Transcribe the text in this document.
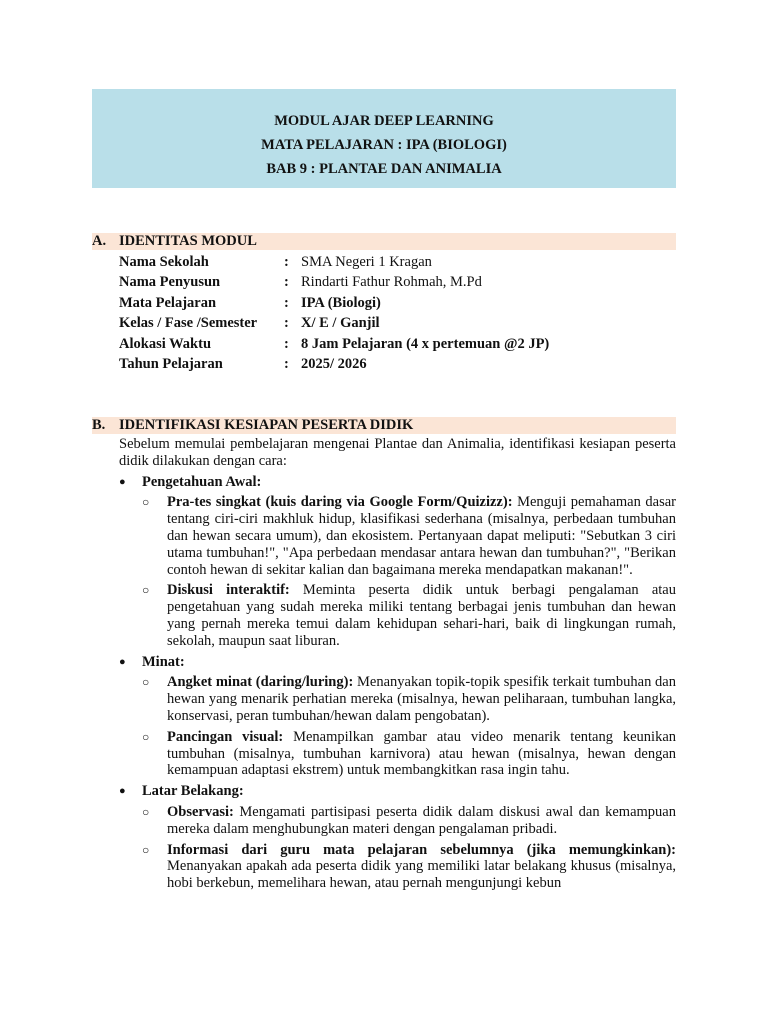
MODUL AJAR DEEP LEARNING
MATA PELAJARAN : IPA (BIOLOGI)
BAB 9 : PLANTAE DAN ANIMALIA
A. IDENTITAS MODUL
Nama Sekolah	: SMA Negeri 1 Kragan
Nama Penyusun	: Rindarti Fathur Rohmah, M.Pd
Mata Pelajaran	: IPA (Biologi)
Kelas / Fase /Semester : X/ E / Ganjil
Alokasi Waktu	: 8 Jam Pelajaran (4 x pertemuan @2 JP)
Tahun Pelajaran	: 2025/ 2026
B. IDENTIFIKASI KESIAPAN PESERTA DIDIK

Sebelum memulai pembelajaran mengenai Plantae dan Animalia, identifikasi kesiapan peserta didik dilakukan dengan cara:

● Pengetahuan Awal:
○ Pra-tes singkat (kuis daring via Google Form/Quizizz): Menguji pemahaman dasar tentang ciri-ciri makhluk hidup, klasifikasi sederhana (misalnya, perbedaan tumbuhan dan hewan secara umum), dan ekosistem. Pertanyaan dapat meliputi: "Sebutkan 3 ciri utama tumbuhan!", "Apa perbedaan mendasar antara hewan dan tumbuhan?", "Berikan contoh hewan di sekitar kalian dan bagaimana mereka mendapatkan makanan!".
○ Diskusi interaktif: Meminta peserta didik untuk berbagi pengalaman atau pengetahuan yang sudah mereka miliki tentang berbagai jenis tumbuhan dan hewan yang pernah mereka temui dalam kehidupan sehari-hari, baik di lingkungan rumah, sekolah, maupun saat liburan.
● Minat:
○ Angket minat (daring/luring): Menanyakan topik-topik spesifik terkait tumbuhan dan hewan yang menarik perhatian mereka (misalnya, hewan peliharaan, tumbuhan langka, konservasi, peran tumbuhan/hewan dalam pengobatan).
○ Pancingan visual: Menampilkan gambar atau video menarik tentang keunikan tumbuhan (misalnya, tumbuhan karnivora) atau hewan (misalnya, hewan dengan kemampuan adaptasi ekstrem) untuk membangkitkan rasa ingin tahu.
● Latar Belakang:
○ Observasi: Mengamati partisipasi peserta didik dalam diskusi awal dan kemampuan mereka dalam menghubungkan materi dengan pengalaman pribadi.
○ Informasi dari guru mata pelajaran sebelumnya (jika memungkinkan): Menanyakan apakah ada peserta didik yang memiliki latar belakang khusus (misalnya, hobi berkebun, memelihara hewan, atau pernah mengunjungi kebun
